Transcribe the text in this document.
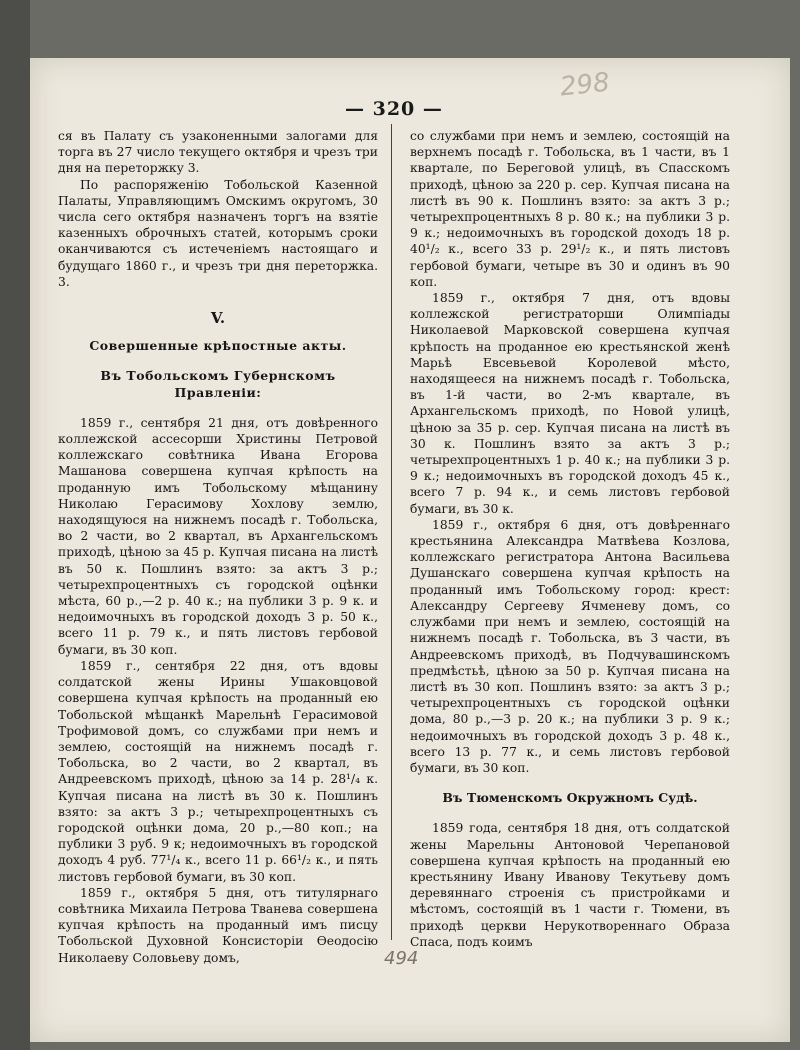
298
— 320 —

ся въ Палату съ узаконенными залогами для торга въ 27 число текущего октября и чрезъ три дня на переторжку 3.

По распоряженію Тобольской Казенной Палаты, Управляющимъ Омскимъ округомъ, 30 числа сего октября назначенъ торгъ на взятіе казенныхъ оброчныхъ статей, которымъ сроки оканчиваются съ истеченіемъ настоящаго и будущаго 1860 г., и чрезъ три дня переторжка. 3.

V.

Совершенные крѣпостные акты.

Въ Тобольскомъ Губернскомъ Правленіи:

1859 г., сентября 21 дня, отъ довѣренного коллежской ассесорши Христины Петровой коллежскаго совѣтника Ивана Егорова Машанова совершена купчая крѣпость на проданную имъ Тобольскому мѣщанину Николаю Герасимову Хохлову землю, находящуюся на нижнемъ посадѣ г. Тобольска, во 2 части, во 2 квартал, въ Архангельскомъ приходѣ, цѣною за 45 р. Купчая писана на листѣ въ 50 к. Пошлинъ взято: за актъ 3 р.; четырехпроцентныхъ съ городской оцѣнки мѣста, 60 р.,—2 р. 40 к.; на публики 3 р. 9 к. и недоимочныхъ въ городской доходъ 3 р. 50 к., всего 11 р. 79 к., и пять листовъ гербовой бумаги, въ 30 коп.

1859 г., сентября 22 дня, отъ вдовы солдатской жены Ирины Ушаковцовой совершена купчая крѣпость на проданный ею Тобольской мѣщанкѣ Марельнѣ Герасимовой Трофимовой домъ, со службами при немъ и землею, состоящій на нижнемъ посадѣ г. Тобольска, во 2 части, во 2 квартал, въ Андреевскомъ приходѣ, цѣною за 14 р. 28¹/₄ к. Купчая писана на листѣ въ 30 к. Пошлинъ взято: за актъ 3 р.; четырехпроцентныхъ съ городской оцѣнки дома, 20 р.,—80 коп.; на публики 3 руб. 9 к; недоимочныхъ въ городской доходъ 4 руб. 77¹/₄ к., всего 11 р. 66¹/₂ к., и пять листовъ гербовой бумаги, въ 30 коп.

1859 г., октября 5 дня, отъ титулярнаго совѣтника Михаила Петрова Тванева совершена купчая крѣпость на проданный имъ писцу Тобольской Духовной Консисторіи Ѳеодосію Николаеву Соловьеву домъ,

со службами при немъ и землею, состоящій на верхнемъ посадѣ г. Тобольска, въ 1 части, въ 1 квартале, по Береговой улицѣ, въ Спасскомъ приходѣ, цѣною за 220 р. сер. Купчая писана на листѣ въ 90 к. Пошлинъ взято: за актъ 3 р.; четырехпроцентныхъ 8 р. 80 к.; на публики 3 р. 9 к.; недоимочныхъ въ городской доходъ 18 р. 40¹/₂ к., всего 33 р. 29¹/₂ к., и пять листовъ гербовой бумаги, четыре въ 30 и одинъ въ 90 коп.

1859 г., октября 7 дня, отъ вдовы коллежской регистраторши Олимпіады Николаевой Марковской совершена купчая крѣпость на проданное ею крестьянской женѣ Марьѣ Евсевьевой Королевой мѣсто, находящееся на нижнемъ посадѣ г. Тобольска, въ 1-й части, во 2-мъ квартале, въ Архангельскомъ приходѣ, по Новой улицѣ, цѣною за 35 р. сер. Купчая писана на листѣ въ 30 к. Пошлинъ взято за актъ 3 р.; четырехпроцентныхъ 1 р. 40 к.; на публики 3 р. 9 к.; недоимочныхъ въ городской доходъ 45 к., всего 7 р. 94 к., и семь листовъ гербовой бумаги, въ 30 к.

1859 г., октября 6 дня, отъ довѣреннаго крестьянина Александра Матвѣева Козлова, коллежскаго регистратора Антона Васильева Душанскаго совершена купчая крѣпость на проданный имъ Тобольскому город: крест: Александру Сергееву Ячменеву домъ, со службами при немъ и землею, состоящій на нижнемъ посадѣ г. Тобольска, въ 3 части, въ Андреевскомъ приходѣ, въ Подчувашинскомъ предмѣстьѣ, цѣною за 50 р. Купчая писана на листѣ въ 30 коп. Пошлинъ взято: за актъ 3 р.; четырехпроцентныхъ съ городской оцѣнки дома, 80 р.,—3 р. 20 к.; на публики 3 р. 9 к.; недоимочныхъ въ городской доходъ 3 р. 48 к., всего 13 р. 77 к., и семь листовъ гербовой бумаги, въ 30 коп.

Въ Тюменскомъ Окружномъ Судѣ.

1859 года, сентября 18 дня, отъ солдатской жены Марельны Антоновой Черепановой совершена купчая крѣпость на проданный ею крестьянину Ивану Иванову Текутьеву домъ деревяннаго строенія съ пристройками и мѣстомъ, состоящій въ 1 части г. Тюмени, въ приходѣ церкви Нерукотвореннаго Образа Спаса, подъ коимъ

494
